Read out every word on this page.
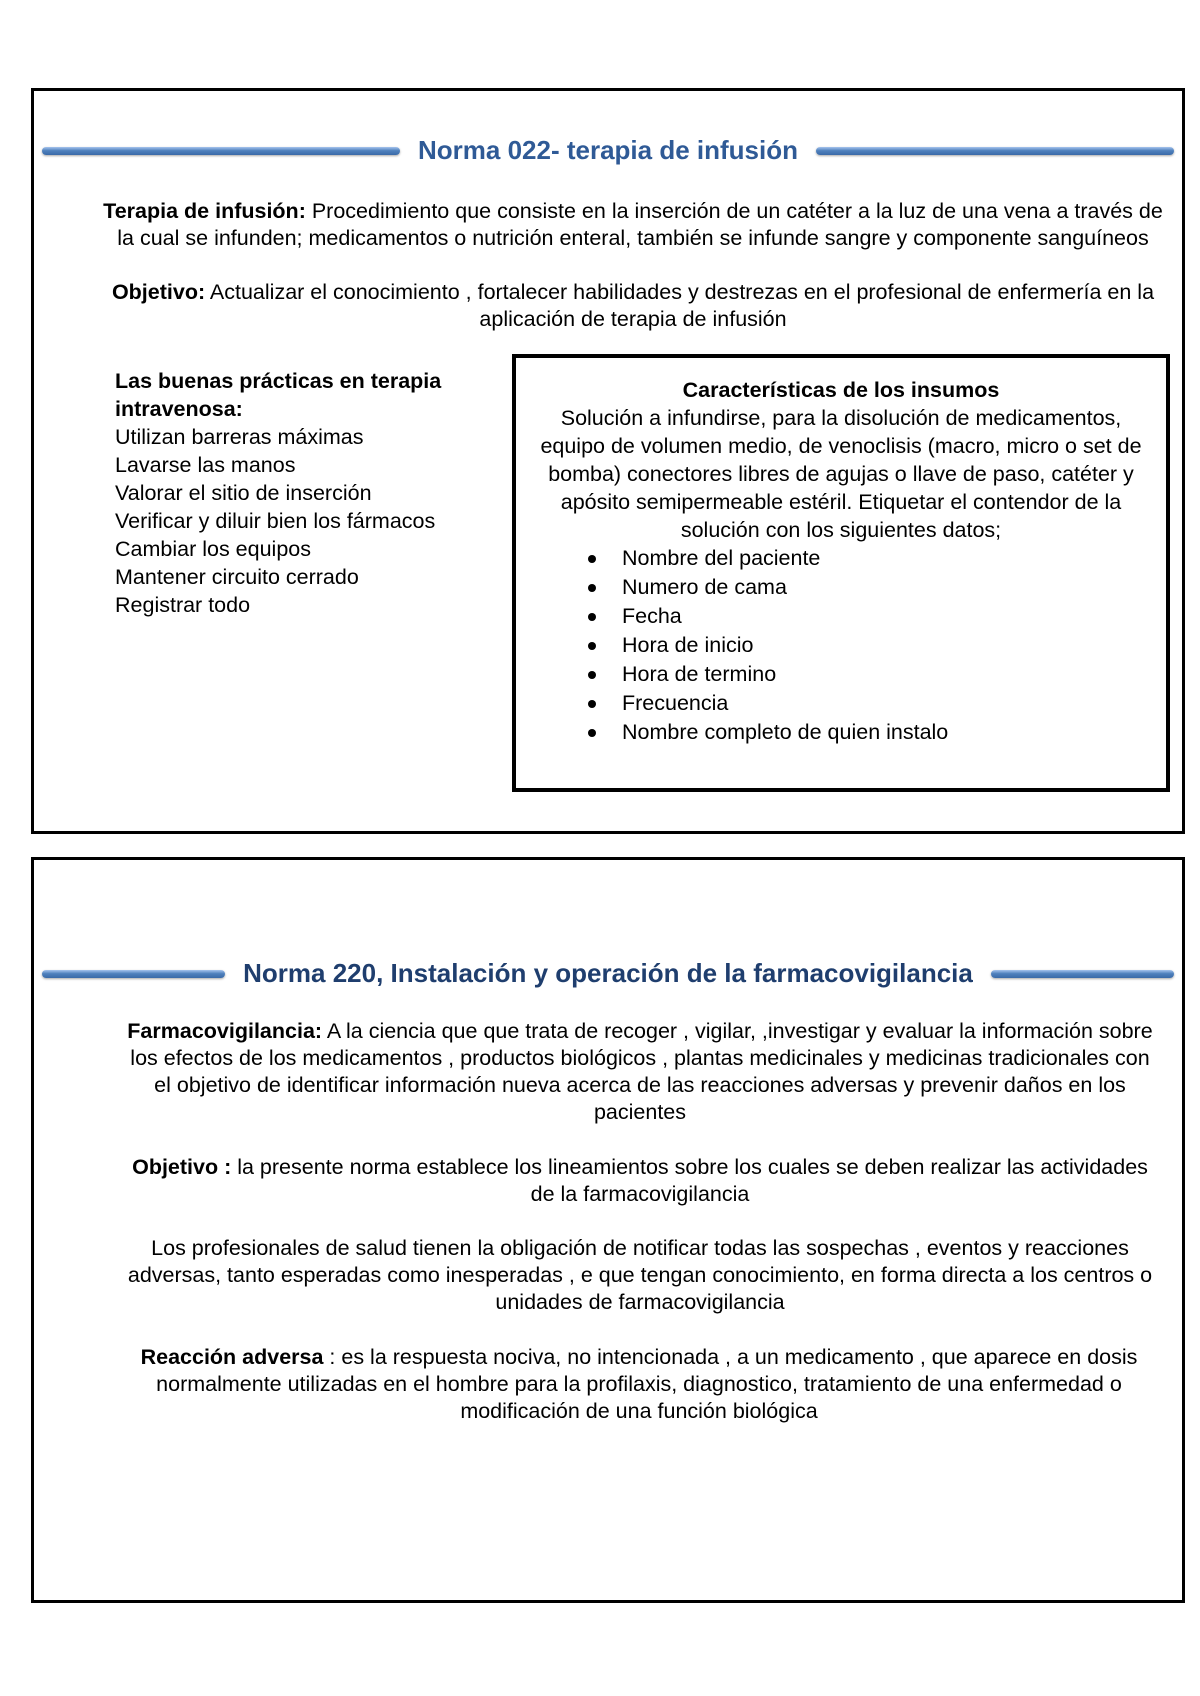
Norma 022- terapia de infusión
Terapia de infusión: Procedimiento que consiste en la inserción de un catéter a la luz de una vena a través de la cual se infunden; medicamentos o nutrición enteral, también se infunde sangre y componente sanguíneos
Objetivo: Actualizar el conocimiento , fortalecer habilidades y destrezas en el profesional de enfermería en la aplicación de terapia de infusión
Las buenas prácticas en terapia
intravenosa:
Utilizan barreras máximas
Lavarse las manos
Valorar el sitio de inserción
Verificar y diluir bien los fármacos
Cambiar los equipos
Mantener circuito cerrado
Registrar todo
Características de los insumos
Solución a infundirse, para la disolución de medicamentos, equipo de volumen medio, de venoclisis (macro, micro o set de bomba) conectores libres de agujas o llave de paso, catéter y apósito semipermeable estéril. Etiquetar el contendor de la solución con los siguientes datos;
Nombre del paciente
Numero de cama
Fecha
Hora de inicio
Hora de termino
Frecuencia
Nombre completo de quien instalo
Norma 220, Instalación y operación de la farmacovigilancia
Farmacovigilancia: A la ciencia que que trata de recoger , vigilar, ,investigar y evaluar la información sobre los efectos de los medicamentos , productos biológicos , plantas medicinales y medicinas tradicionales con el objetivo de identificar información nueva acerca de las reacciones adversas y prevenir daños en los pacientes
Objetivo : la presente norma establece los lineamientos sobre los cuales se deben realizar las actividades de la farmacovigilancia
Los profesionales de salud tienen la obligación de notificar todas las sospechas , eventos y reacciones adversas, tanto esperadas como inesperadas , e que tengan conocimiento, en forma directa a los centros o unidades de farmacovigilancia
Reacción adversa : es la respuesta nociva, no intencionada , a un medicamento , que aparece en dosis normalmente utilizadas en el hombre para la profilaxis, diagnostico, tratamiento de una enfermedad o modificación de una función biológica
